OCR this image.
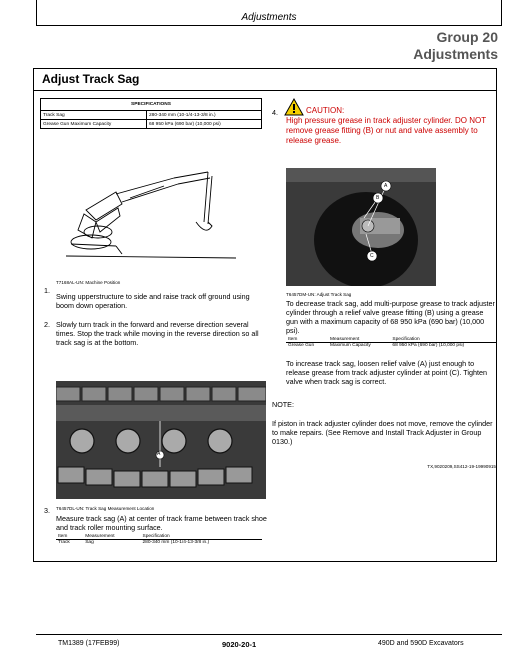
Adjustments
Group 20
Adjustments
Adjust Track Sag
SPECIFICATIONS	
Track Sag	280-340 mm (10-1/4-13-3/8 in.)
Grease Gun Maximum Capacity	68 950 kPa (690 bar) (10,000 psi)
T7168AL-UN: Machine Position
1.
Swing upperstructure to side and raise track off ground using boom down operation.
2. Slowly turn track in the forward and reverse direction several times. Stop the track while moving in the reverse direction so all track sag is at the bottom.
A
T6457DL-UN: Track Sag Measurement Location
3.
Measure track sag (A) at center of track frame between track shoe and track roller mounting surface.
Item	Measurement	Specification
Track	Sag	280-340 mm (10-1/4-13-3/8 in.)
4.	CAUTION:
High pressure grease in track adjuster cylinder. DO NOT remove grease fitting (B) or nut and valve assembly to release grease.
A
B
C
T6457DM-UN: Adjust Track Sag
To decrease track sag, add multi-purpose grease to track adjuster cylinder through a relief valve grease fitting (B) using a grease gun with a maximum capacity of 68 950 kPa (690 bar) (10,000 psi).
Item	Measurement	Specification
Grease Gun	Maximum Capacity	68 950 kPa (690 bar) (10,000 psi)
To increase track sag, loosen relief valve (A) just enough to release grease from track adjuster cylinder at point (C). Tighten valve when track sag is correct.
NOTE:
If piston in track adjuster cylinder does not move, remove the cylinder to make repairs. (See Remove and Install Track Adjuster in Group 0130.)
TX,9020209,SS412-19-19990915
TM1389 (17FEB99)	9020-20-1	490D and 590D Excavators
